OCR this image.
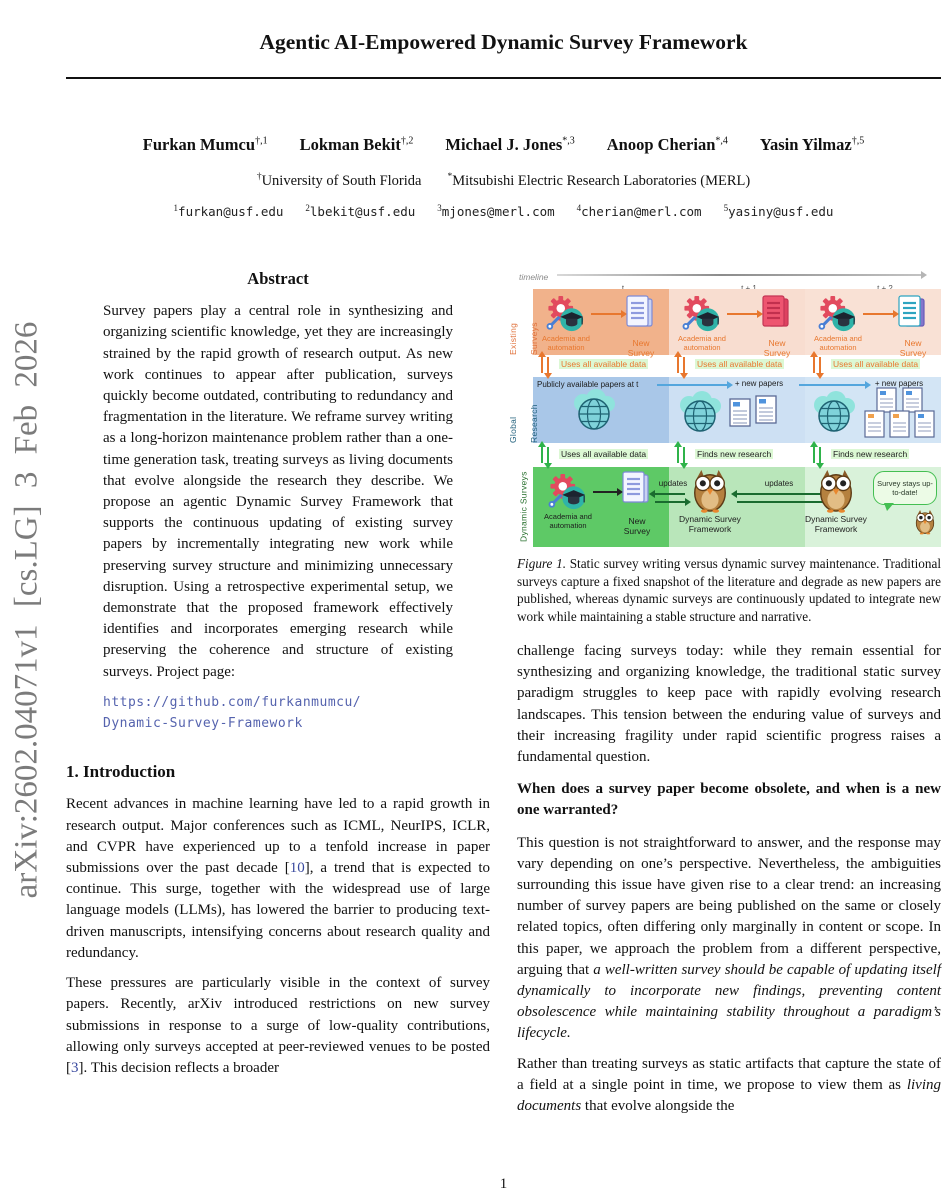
arXiv:2602.04071v1 [cs.LG] 3 Feb 2026
Agentic AI-Empowered Dynamic Survey Framework
Furkan Mumcu$^{\dagger,1}$ Lokman Bekit$^{\dagger,2}$ Michael J. Jones$^{*,3}$ Anoop Cherian$^{*,4}$ Yasin Yilmaz$^{\dagger,5}$
†University of South Florida	*Mitsubishi Electric Research Laboratories (MERL)
$^1$furkan@usf.edu $^2$lbekit@usf.edu $^3$mjones@merl.com $^4$cherian@merl.com $^5$yasiny@usf.edu
Abstract

Survey papers play a central role in synthesizing and organizing scientific knowledge, yet they are increasingly strained by the rapid growth of research output. As new work continues to appear after publication, surveys quickly become outdated, contributing to redundancy and fragmentation in the literature. We reframe survey writing as a long-horizon maintenance problem rather than a one-time generation task, treating surveys as living documents that evolve alongside the research they describe. We propose an agentic Dynamic Survey Framework that supports the continuous updating of existing survey papers by incrementally integrating new work while preserving survey structure and minimizing unnecessary disruption. Using a retrospective experimental setup, we demonstrate that the proposed framework effectively identifies and incorporates emerging research while preserving the coherence and structure of existing surveys. Project page:

https://github.com/furkanmumcu/
Dynamic-Survey-Framework
1. Introduction

Recent advances in machine learning have led to a rapid growth in research output. Major conferences such as ICML, NeurIPS, ICLR, and CVPR have experienced up to a tenfold increase in paper submissions over the past decade [10], a trend that is expected to continue. This surge, together with the widespread use of large language models (LLMs), has lowered the barrier to producing text-driven manuscripts, intensifying concerns about research quality and redundancy.

These pressures are particularly visible in the context of survey papers. Recently, arXiv introduced restrictions on new survey submissions in response to a surge of low-quality contributions, allowing only surveys accepted at peer-reviewed venues to be posted [3]. This decision reflects a broader

timeline
Existing
Global
Dynamic Surveys
Academia and automation	New Survey
Academia and automation	New Survey
Academia and automation	New Survey
Uses all available data	Uses all available data	Uses all available data
Publicly available papers at t	+ new papers	+ new papers
Uses all available data	Finds new research	Finds new research
Academia and automation	New Survey
updates
Dynamic Survey Framework
updates
Dynamic Survey Framework
Survey stays up-to-date!

Figure 1. Static survey writing versus dynamic survey maintenance. Traditional surveys capture a fixed snapshot of the literature and degrade as new papers are published, whereas dynamic surveys are continuously updated to integrate new work while maintaining a stable structure and narrative.

challenge facing surveys today: while they remain essential for synthesizing and organizing knowledge, the traditional static survey paradigm struggles to keep pace with rapidly evolving research landscapes. This tension between the enduring value of surveys and their increasing fragility under rapid scientific progress raises a fundamental question.

When does a survey paper become obsolete, and when is a new one warranted?

This question is not straightforward to answer, and the response may vary depending on one’s perspective. Nevertheless, the ambiguities surrounding this issue have given rise to a clear trend: an increasing number of survey papers are being published on the same or closely related topics, often differing only marginally in content or scope. In this paper, we approach the problem from a different perspective, arguing that a well-written survey should be capable of updating itself dynamically to incorporate new findings, preventing content obsolescence while maintaining stability throughout a paradigm’s lifecycle.

Rather than treating surveys as static artifacts that capture the state of a field at a single point in time, we propose to view them as living documents that evolve alongside the

1
